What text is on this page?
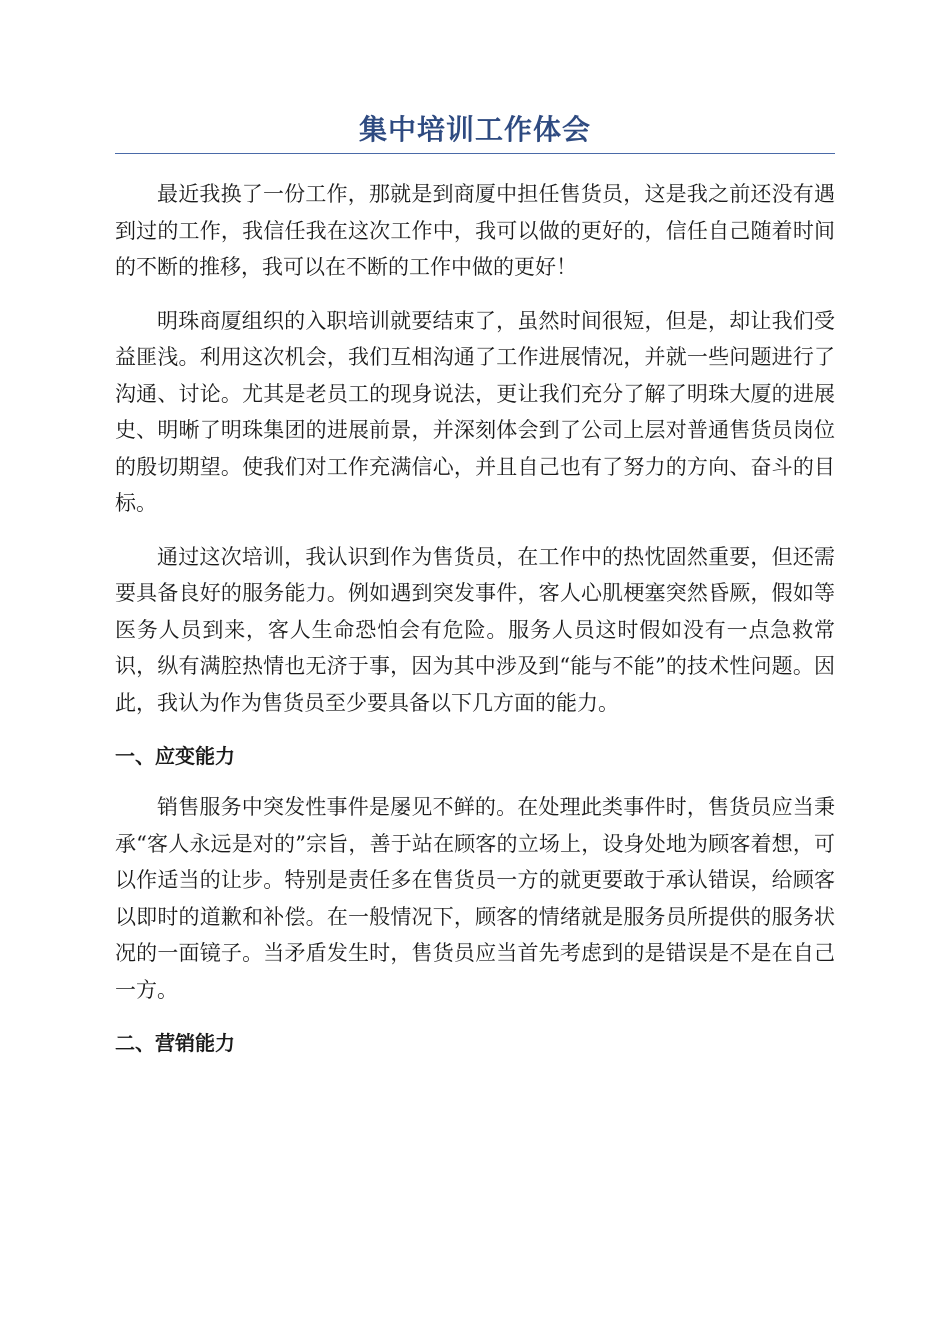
集中培训工作体会

最近我换了一份工作，那就是到商厦中担任售货员，这是我之前还没有遇到过的工作，我信任我在这次工作中，我可以做的更好的，信任自己随着时间的不断的推移，我可以在不断的工作中做的更好！

明珠商厦组织的入职培训就要结束了，虽然时间很短，但是，却让我们受益匪浅。利用这次机会，我们互相沟通了工作进展情况，并就一些问题进行了沟通、讨论。尤其是老员工的现身说法，更让我们充分了解了明珠大厦的进展史、明晰了明珠集团的进展前景，并深刻体会到了公司上层对普通售货员岗位的殷切期望。使我们对工作充满信心，并且自己也有了努力的方向、奋斗的目标。

通过这次培训，我认识到作为售货员，在工作中的热忱固然重要，但还需要具备良好的服务能力。例如遇到突发事件，客人心肌梗塞突然昏厥，假如等医务人员到来，客人生命恐怕会有危险。服务人员这时假如没有一点急救常识，纵有满腔热情也无济于事，因为其中涉及到“能与不能”的技术性问题。因此，我认为作为售货员至少要具备以下几方面的能力。

一、应变能力

销售服务中突发性事件是屡见不鲜的。在处理此类事件时，售货员应当秉承“客人永远是对的”宗旨，善于站在顾客的立场上，设身处地为顾客着想，可以作适当的让步。特别是责任多在售货员一方的就更要敢于承认错误，给顾客以即时的道歉和补偿。在一般情况下，顾客的情绪就是服务员所提供的服务状况的一面镜子。当矛盾发生时，售货员应当首先考虑到的是错误是不是在自己一方。

二、营销能力
